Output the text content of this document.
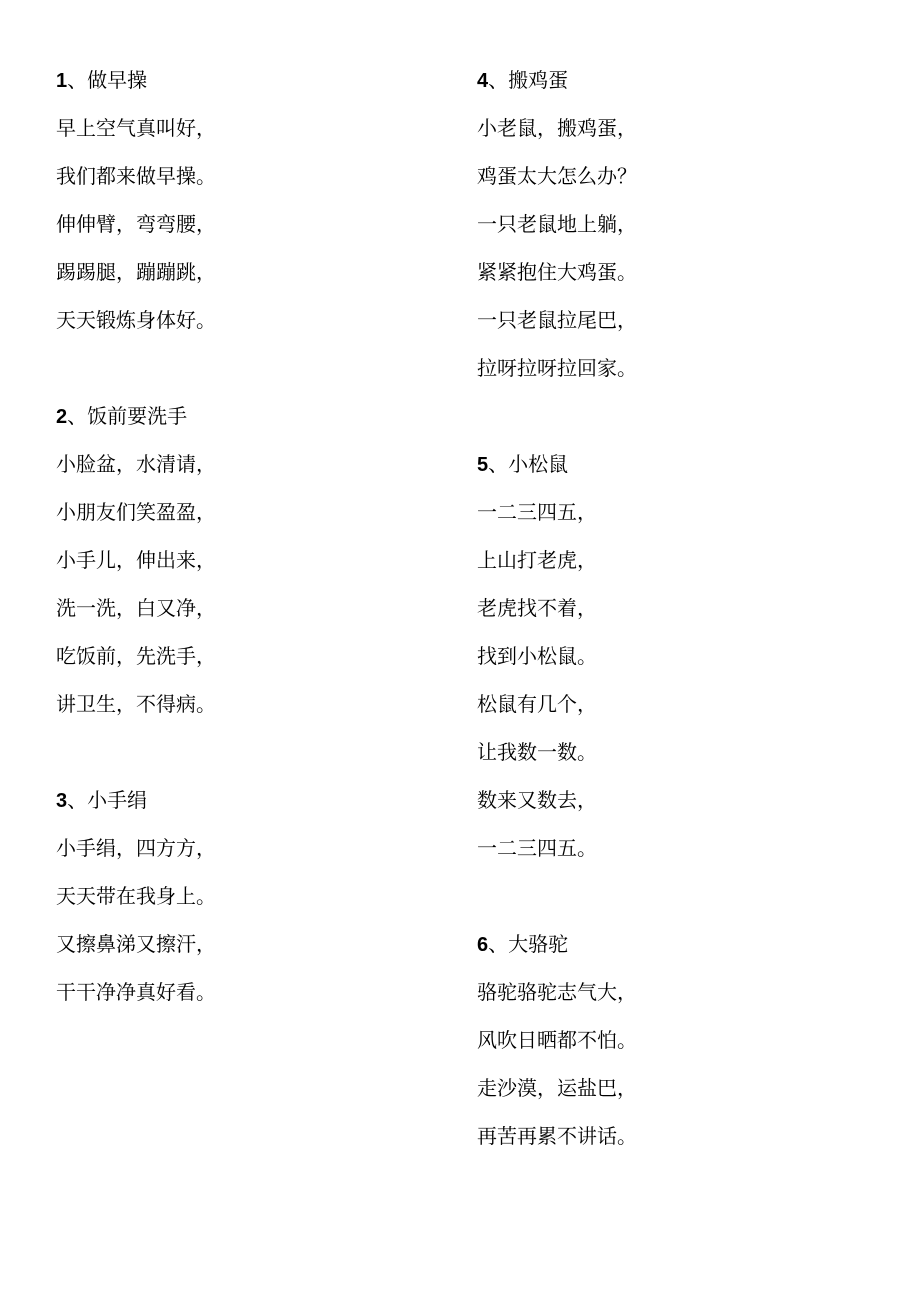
1、做早操
早上空气真叫好，
我们都来做早操。
伸伸臂，弯弯腰，
踢踢腿，蹦蹦跳，
天天锻炼身体好。
2、饭前要洗手
小脸盆，水清请，
小朋友们笑盈盈，
小手儿，伸出来，
洗一洗，白又净，
吃饭前，先洗手，
讲卫生，不得病。
3、小手绢
小手绢，四方方，
天天带在我身上。
又擦鼻涕又擦汗，
干干净净真好看。
4、搬鸡蛋
小老鼠，搬鸡蛋，
鸡蛋太大怎么办？
一只老鼠地上躺，
紧紧抱住大鸡蛋。
一只老鼠拉尾巴，
拉呀拉呀拉回家。
5、小松鼠
一二三四五，
上山打老虎，
老虎找不着，
找到小松鼠。
松鼠有几个，
让我数一数。
数来又数去，
一二三四五。
6、大骆驼
骆驼骆驼志气大，
风吹日晒都不怕。
走沙漠，运盐巴，
再苦再累不讲话。
